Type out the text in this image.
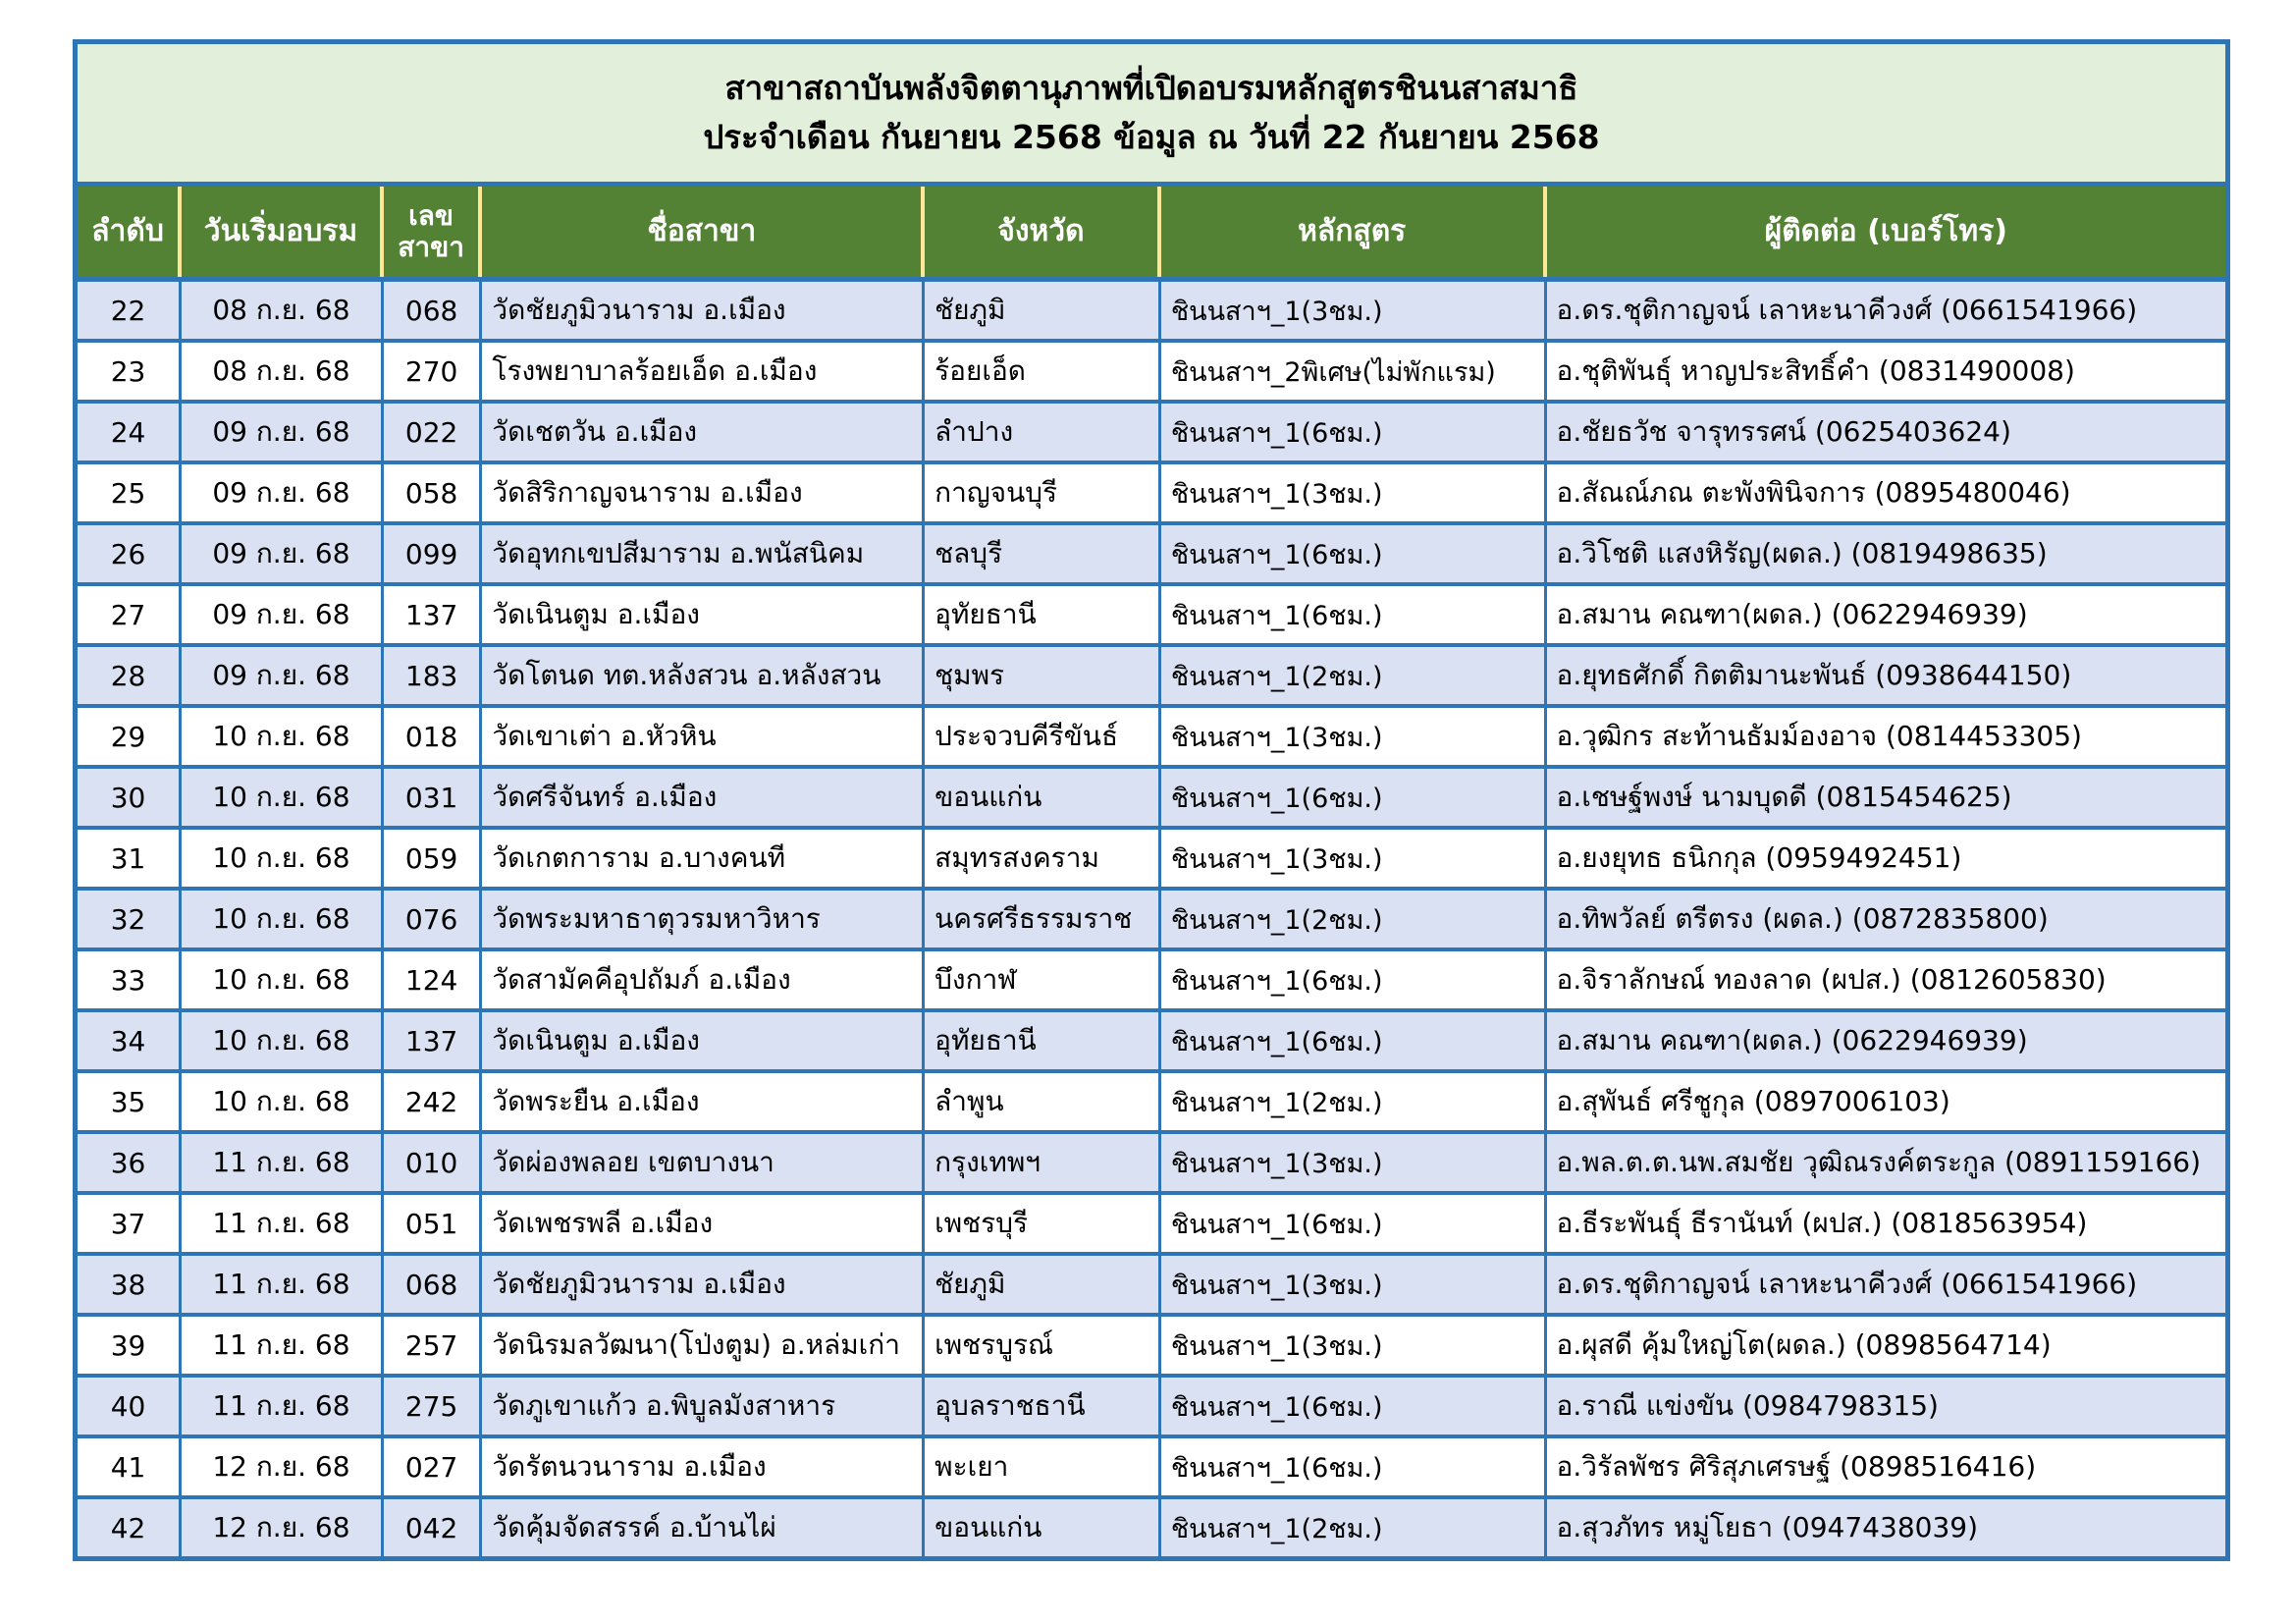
สาขาสถาบันพลังจิตตานุภาพที่เปิดอบรมหลักสูตรชินนสาสมาธิ
ประจำเดือน กันยายน 2568 ข้อมูล ณ วันที่ 22 กันยายน 2568
ลำดับ	วันเริ่มอบรม	เลข สาขา	ชื่อสาขา	จังหวัด	หลักสูตร	ผู้ติดต่อ (เบอร์โทร)
22	08 ก.ย. 68	068	วัดชัยภูมิวนาราม อ.เมือง	ชัยภูมิ	ชินนสาฯ_1(3ชม.)	อ.ดร.ชุติกาญจน์ เลาหะนาคีวงศ์ (0661541966)
23	08 ก.ย. 68	270	โรงพยาบาลร้อยเอ็ด อ.เมือง	ร้อยเอ็ด	ชินนสาฯ_2พิเศษ(ไม่พักแรม)	อ.ชุติพันธุ์ หาญประสิทธิ์คำ (0831490008)
24	09 ก.ย. 68	022	วัดเชตวัน อ.เมือง	ลำปาง	ชินนสาฯ_1(6ชม.)	อ.ชัยธวัช จารุทรรศน์ (0625403624)
25	09 ก.ย. 68	058	วัดสิริกาญจนาราม อ.เมือง	กาญจนบุรี	ชินนสาฯ_1(3ชม.)	อ.สัณณ์ภณ ตะพังพินิจการ (0895480046)
26	09 ก.ย. 68	099	วัดอุทกเขปสีมาราม อ.พนัสนิคม	ชลบุรี	ชินนสาฯ_1(6ชม.)	อ.วิโชติ แสงหิรัญ(ผดล.) (0819498635)
27	09 ก.ย. 68	137	วัดเนินตูม อ.เมือง	อุทัยธานี	ชินนสาฯ_1(6ชม.)	อ.สมาน คณฑา(ผดล.) (0622946939)
28	09 ก.ย. 68	183	วัดโตนด ทต.หลังสวน อ.หลังสวน	ชุมพร	ชินนสาฯ_1(2ชม.)	อ.ยุทธศักดิ์ กิตติมานะพันธ์ (0938644150)
29	10 ก.ย. 68	018	วัดเขาเต่า อ.หัวหิน	ประจวบคีรีขันธ์	ชินนสาฯ_1(3ชม.)	อ.วุฒิกร สะท้านธัมม์องอาจ (0814453305)
30	10 ก.ย. 68	031	วัดศรีจันทร์ อ.เมือง	ขอนแก่น	ชินนสาฯ_1(6ชม.)	อ.เชษฐ์พงษ์ นามบุดดี (0815454625)
31	10 ก.ย. 68	059	วัดเกตการาม อ.บางคนที	สมุทรสงคราม	ชินนสาฯ_1(3ชม.)	อ.ยงยุทธ ธนิกกุล (0959492451)
32	10 ก.ย. 68	076	วัดพระมหาธาตุวรมหาวิหาร	นครศรีธรรมราช	ชินนสาฯ_1(2ชม.)	อ.ทิพวัลย์ ตรีตรง (ผดล.) (0872835800)
33	10 ก.ย. 68	124	วัดสามัคคีอุปถัมภ์ อ.เมือง	บึงกาฬ	ชินนสาฯ_1(6ชม.)	อ.จิราลักษณ์ ทองลาด (ผปส.) (0812605830)
34	10 ก.ย. 68	137	วัดเนินตูม อ.เมือง	อุทัยธานี	ชินนสาฯ_1(6ชม.)	อ.สมาน คณฑา(ผดล.) (0622946939)
35	10 ก.ย. 68	242	วัดพระยืน อ.เมือง	ลำพูน	ชินนสาฯ_1(2ชม.)	อ.สุพันธ์ ศรีชูกุล (0897006103)
36	11 ก.ย. 68	010	วัดผ่องพลอย เขตบางนา	กรุงเทพฯ	ชินนสาฯ_1(3ชม.)	อ.พล.ต.ต.นพ.สมชัย วุฒิณรงค์ตระกูล (0891159166)
37	11 ก.ย. 68	051	วัดเพชรพลี อ.เมือง	เพชรบุรี	ชินนสาฯ_1(6ชม.)	อ.ธีระพันธุ์ ธีรานันท์ (ผปส.) (0818563954)
38	11 ก.ย. 68	068	วัดชัยภูมิวนาราม อ.เมือง	ชัยภูมิ	ชินนสาฯ_1(3ชม.)	อ.ดร.ชุติกาญจน์ เลาหะนาคีวงศ์ (0661541966)
39	11 ก.ย. 68	257	วัดนิรมลวัฒนา(โป่งตูม) อ.หล่มเก่า	เพชรบูรณ์	ชินนสาฯ_1(3ชม.)	อ.ผุสดี คุ้มใหญ่โต(ผดล.) (0898564714)
40	11 ก.ย. 68	275	วัดภูเขาแก้ว อ.พิบูลมังสาหาร	อุบลราชธานี	ชินนสาฯ_1(6ชม.)	อ.ราณี แข่งขัน (0984798315)
41	12 ก.ย. 68	027	วัดรัตนวนาราม อ.เมือง	พะเยา	ชินนสาฯ_1(6ชม.)	อ.วิรัลพัชร ศิริสุภเศรษฐ์ (0898516416)
42	12 ก.ย. 68	042	วัดคุ้มจัดสรรค์ อ.บ้านไผ่	ขอนแก่น	ชินนสาฯ_1(2ชม.)	อ.สุวภัทร หมู่โยธา (0947438039)
